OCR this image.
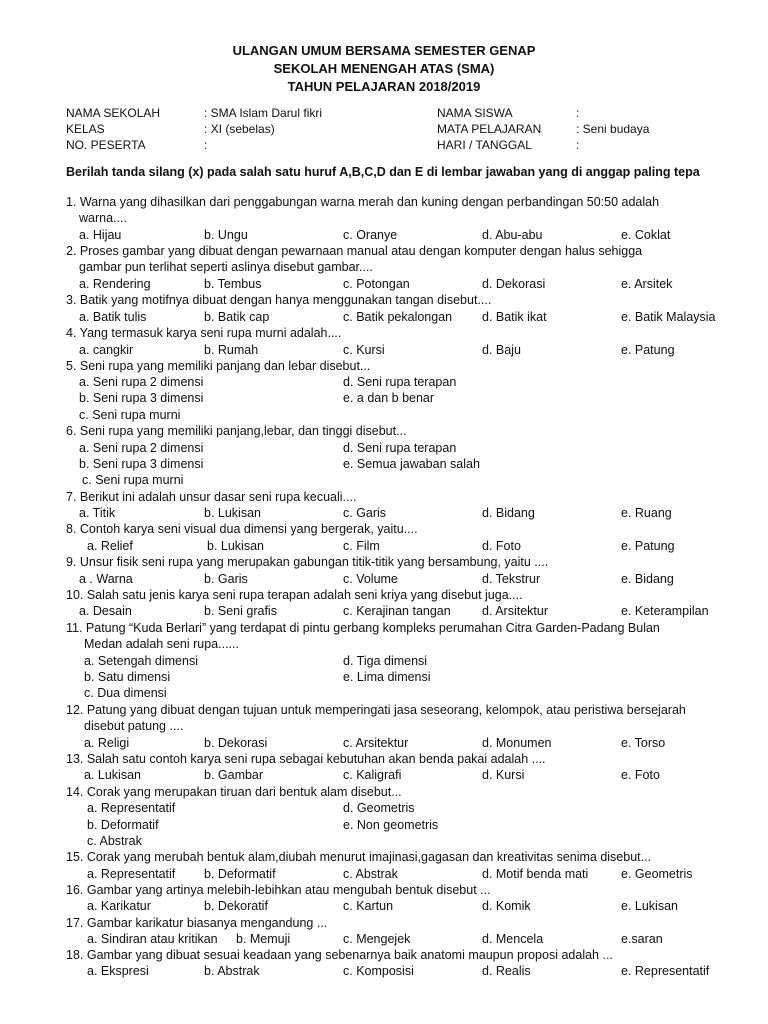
ULANGAN UMUM BERSAMA SEMESTER GENAP
SEKOLAH MENENGAH ATAS (SMA)
TAHUN PELAJARAN 2018/2019
NAMA SEKOLAH	: SMA Islam Darul fikri
KELAS	: XI (sebelas)
NO. PESERTA	:
NAMA SISWA	:
MATA PELAJARAN	: Seni budaya
HARI / TANGGAL	:
Berilah tanda silang (x) pada salah satu huruf A,B,C,D dan E di lembar jawaban yang di anggap paling tepa
1. Warna yang dihasilkan dari penggabungan warna merah dan kuning dengan perbandingan 50:50 adalah
warna....
a. Hijau	b. Ungu	c. Oranye	d. Abu-abu	e. Coklat
2. Proses gambar yang dibuat dengan pewarnaan manual atau dengan komputer dengan halus sehigga
gambar pun terlihat seperti aslinya disebut gambar....
a. Rendering	b. Tembus	c. Potongan	d. Dekorasi	e. Arsitek
3. Batik yang motifnya dibuat dengan hanya menggunakan tangan disebut....
a. Batik tulis	b. Batik cap	c. Batik pekalongan d. Batik ikat	e. Batik Malaysia
4. Yang termasuk karya seni rupa murni adalah....
a. cangkir	b. Rumah	c. Kursi	d. Baju	e. Patung
5. Seni rupa yang memiliki panjang dan lebar disebut...
a. Seni rupa 2 dimensi	d. Seni rupa terapan
b. Seni rupa 3 dimensi	e. a dan b benar
c. Seni rupa murni
6. Seni rupa yang memiliki panjang,lebar, dan tinggi disebut...
a. Seni rupa 2 dimensi	d. Seni rupa terapan
b. Seni rupa 3 dimensi	e. Semua jawaban salah
c. Seni rupa murni
7. Berikut ini adalah unsur dasar seni rupa kecuali....
a. Titik	b. Lukisan	c. Garis	d. Bidang	e. Ruang
8. Contoh karya seni visual dua dimensi yang bergerak, yaitu....
a. Relief	b. Lukisan	c. Film	d. Foto	e. Patung
9. Unsur fisik seni rupa yang merupakan gabungan titik-titik yang bersambung, yaitu ....
a . Warna	b. Garis	c. Volume	d. Tekstrur	e. Bidang
10. Salah satu jenis karya seni rupa terapan adalah seni kriya yang disebut juga....
a. Desain	b. Seni grafis	c. Kerajinan tangan	d. Arsitektur	e. Keterampilan
11. Patung “Kuda Berlari” yang terdapat di pintu gerbang kompleks perumahan Citra Garden-Padang Bulan
Medan adalah seni rupa......
a. Setengah dimensi	d. Tiga dimensi
b. Satu dimensi	e. Lima dimensi
c. Dua dimensi
12. Patung yang dibuat dengan tujuan untuk memperingati jasa seseorang, kelompok, atau peristiwa bersejarah
disebut patung ....
a. Religi	b. Dekorasi	c. Arsitektur	d. Monumen	e. Torso
13. Salah satu contoh karya seni rupa sebagai kebutuhan akan benda pakai adalah ....
a. Lukisan	b. Gambar	c. Kaligrafi	d. Kursi	e. Foto
14. Corak yang merupakan tiruan dari bentuk alam disebut...
a. Representatif	d. Geometris
b. Deformatif	e. Non geometris
c. Abstrak
15. Corak yang merubah bentuk alam,diubah menurut imajinasi,gagasan dan kreativitas senima disebut...
a. Representatif b. Deformatif	c. Abstrak	d. Motif benda mati	e. Geometris
16. Gambar yang artinya melebih-lebihkan atau mengubah bentuk disebut ...
a. Karikatur	b. Dekoratif	c. Kartun	d. Komik	e. Lukisan
17. Gambar karikatur biasanya mengandung ...
a. Sindiran atau kritikan b. Memuji	c. Mengejek	d. Mencela	e.saran
18. Gambar yang dibuat sesuai keadaan yang sebenarnya baik anatomi maupun proposi adalah ...
a. Ekspresi	b. Abstrak	c. Komposisi	d. Realis	e. Representatif
